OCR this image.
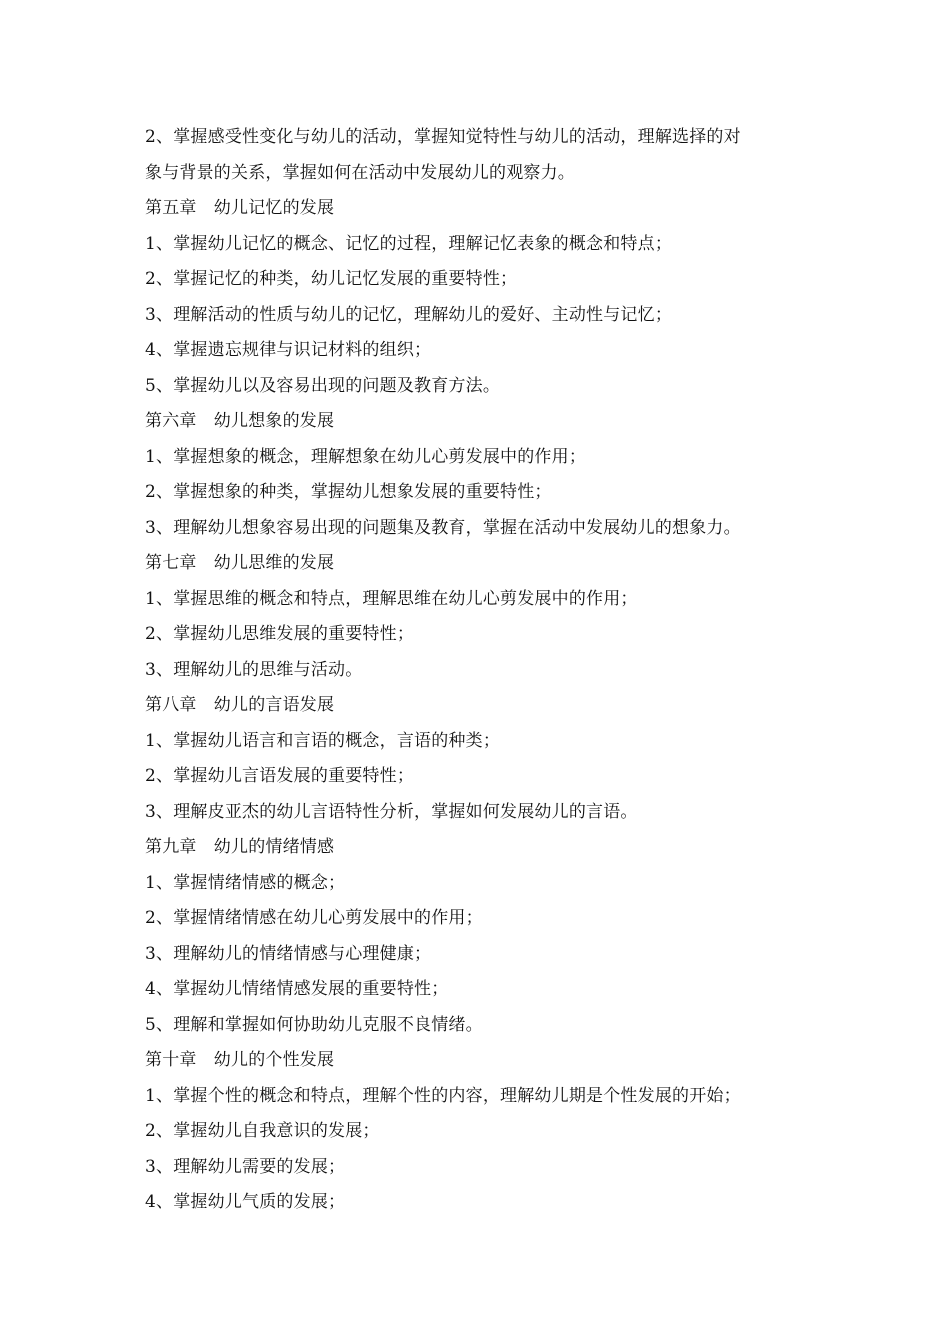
2、掌握感受性变化与幼儿的活动，掌握知觉特性与幼儿的活动，理解选择的对
象与背景的关系，掌握如何在活动中发展幼儿的观察力。
第五章　幼儿记忆的发展
1、掌握幼儿记忆的概念、记忆的过程，理解记忆表象的概念和特点；
2、掌握记忆的种类，幼儿记忆发展的重要特性；
3、理解活动的性质与幼儿的记忆，理解幼儿的爱好、主动性与记忆；
4、掌握遗忘规律与识记材料的组织；
5、掌握幼儿以及容易出现的问题及教育方法。
第六章　幼儿想象的发展
1、掌握想象的概念，理解想象在幼儿心剪发展中的作用；
2、掌握想象的种类，掌握幼儿想象发展的重要特性；
3、理解幼儿想象容易出现的问题集及教育，掌握在活动中发展幼儿的想象力。
第七章　幼儿思维的发展
1、掌握思维的概念和特点，理解思维在幼儿心剪发展中的作用；
2、掌握幼儿思维发展的重要特性；
3、理解幼儿的思维与活动。
第八章　幼儿的言语发展
1、掌握幼儿语言和言语的概念，言语的种类；
2、掌握幼儿言语发展的重要特性；
3、理解皮亚杰的幼儿言语特性分析，掌握如何发展幼儿的言语。
第九章　幼儿的情绪情感
1、掌握情绪情感的概念；
2、掌握情绪情感在幼儿心剪发展中的作用；
3、理解幼儿的情绪情感与心理健康；
4、掌握幼儿情绪情感发展的重要特性；
5、理解和掌握如何协助幼儿克服不良情绪。
第十章　幼儿的个性发展
1、掌握个性的概念和特点，理解个性的内容，理解幼儿期是个性发展的开始；
2、掌握幼儿自我意识的发展；
3、理解幼儿需要的发展；
4、掌握幼儿气质的发展；
